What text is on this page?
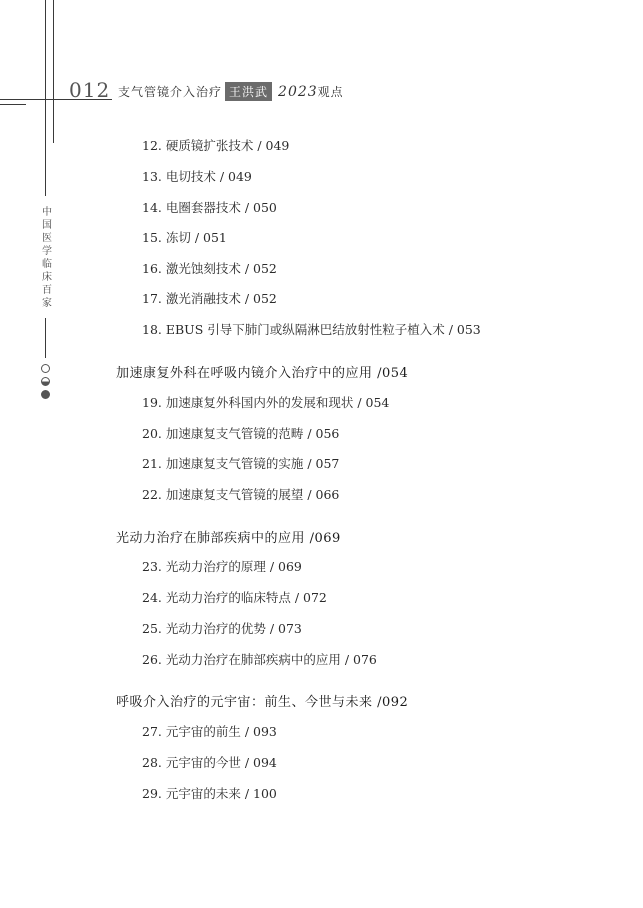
012 支气管镜介入治疗 王洪武 2023 观点
中国医学临床百家
12. 硬质镜扩张技术 / 049
13. 电切技术 / 049
14. 电圈套器技术 / 050
15. 冻切 / 051
16. 激光蚀刻技术 / 052
17. 激光消融技术 / 052
18. EBUS 引导下肺门或纵隔淋巴结放射性粒子植入术 / 053
加速康复外科在呼吸内镜介入治疗中的应用 /054
19. 加速康复外科国内外的发展和现状 / 054
20. 加速康复支气管镜的范畴 / 056
21. 加速康复支气管镜的实施 / 057
22. 加速康复支气管镜的展望 / 066
光动力治疗在肺部疾病中的应用 /069
23. 光动力治疗的原理 / 069
24. 光动力治疗的临床特点 / 072
25. 光动力治疗的优势 / 073
26. 光动力治疗在肺部疾病中的应用 / 076
呼吸介入治疗的元宇宙：前生、今世与未来 /092
27. 元宇宙的前生 / 093
28. 元宇宙的今世 / 094
29. 元宇宙的未来 / 100
